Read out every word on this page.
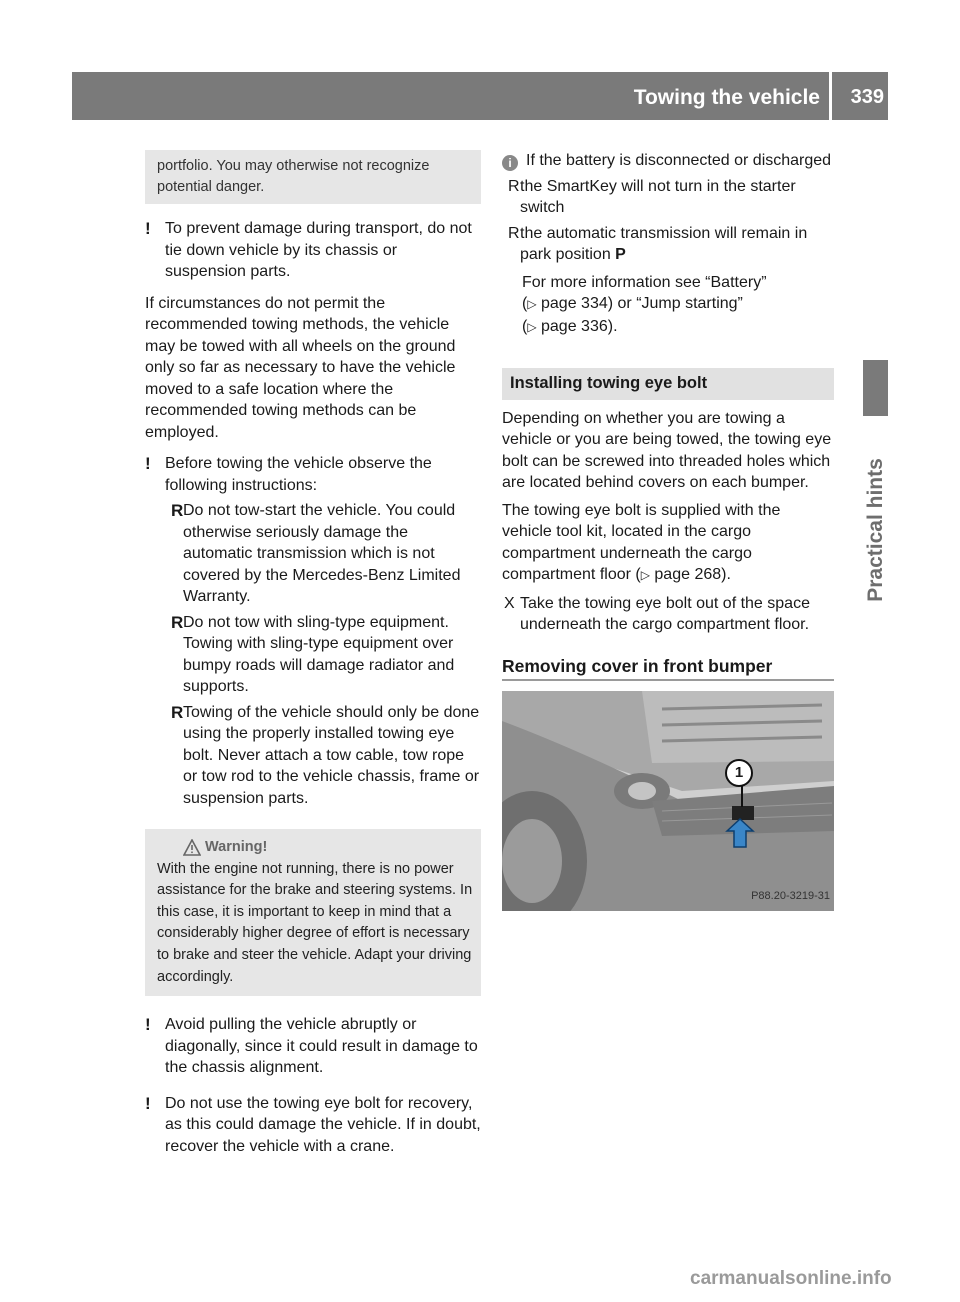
Towing the vehicle 339
Practical hints

portfolio. You may otherwise not recognize potential danger.

! To prevent damage during transport, do not tie down vehicle by its chassis or suspension parts.

If circumstances do not permit the recommended towing methods, the vehicle may be towed with all wheels on the ground only so far as necessary to have the vehicle moved to a safe location where the recommended towing methods can be employed.

! Before towing the vehicle observe the following instructions:
R Do not tow-start the vehicle. You could otherwise seriously damage the automatic transmission which is not covered by the Mercedes-Benz Limited Warranty.
R Do not tow with sling-type equipment. Towing with sling-type equipment over bumpy roads will damage radiator and supports.
R Towing of the vehicle should only be done using the properly installed towing eye bolt. Never attach a tow cable, tow rope or tow rod to the vehicle chassis, frame or suspension parts.
Warning!

With the engine not running, there is no power assistance for the brake and steering systems. In this case, it is important to keep in mind that a considerably higher degree of effort is necessary to brake and steer the vehicle. Adapt your driving accordingly.

! Avoid pulling the vehicle abruptly or diagonally, since it could result in damage to the chassis alignment.
! Do not use the towing eye bolt for recovery, as this could damage the vehicle. If in doubt, recover the vehicle with a crane.

i If the battery is disconnected or discharged

R the SmartKey will not turn in the starter switch
R the automatic transmission will remain in park position P

For more information see “Battery”
(▷ page 334) or “Jump starting”
(▷ page 336).

Installing towing eye bolt

Depending on whether you are towing a vehicle or you are being towed, the towing eye bolt can be screwed into threaded holes which are located behind covers on each bumper.

The towing eye bolt is supplied with the vehicle tool kit, located in the cargo compartment underneath the cargo compartment floor (▷ page 268).

X Take the towing eye bolt out of the space underneath the cargo compartment floor.
Removing cover in front bumper
1
P88.20-3219-31
carmanualsonline.info
